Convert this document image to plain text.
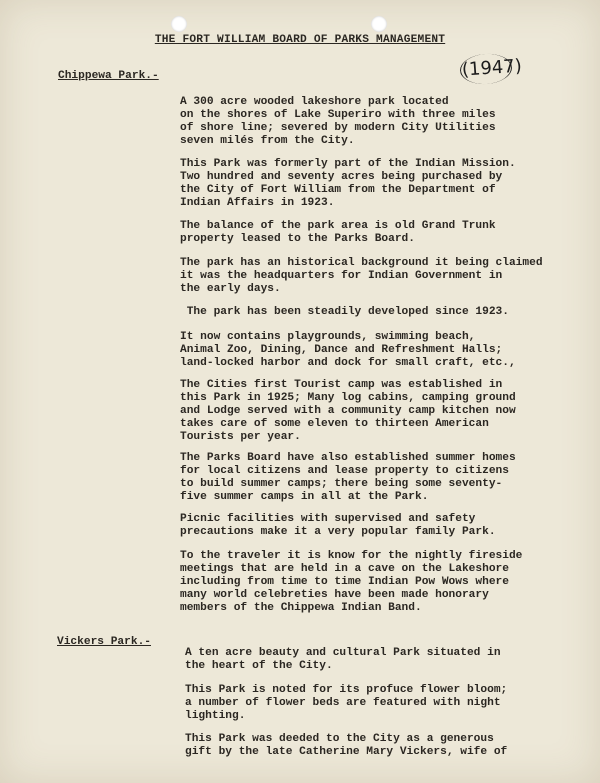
THE FORT WILLIAM BOARD OF PARKS MANAGEMENT
(1947)
Chippewa Park.-
A 300 acre wooded lakeshore park located
on the shores of Lake Superiro with three miles
of shore line; severed by modern City Utilities
seven milés from the City.
This Park was formerly part of the Indian Mission.
Two hundred and seventy acres being purchased by
the City of Fort William from the Department of
Indian Affairs in 1923.
The balance of the park area is old Grand Trunk
property leased to the Parks Board.
The park has an historical background it being claimed
it was the headquarters for Indian Government in
the early days.
The park has been steadily developed since 1923.
It now contains playgrounds, swimming beach,
Animal Zoo, Dining, Dance and Refreshment Halls;
land-locked harbor and dock for small craft, etc.,
The Cities first Tourist camp was established in
this Park in 1925; Many log cabins, camping ground
and Lodge served with a community camp kitchen now
takes care of some eleven to thirteen American
Tourists per year.
The Parks Board have also established summer homes
for local citizens and lease property to citizens
to build summer camps; there being some seventy-
five summer camps in all at the Park.
Picnic facilities with supervised and safety
precautions make it a very popular family Park.
To the traveler it is know for the nightly fireside
meetings that are held in a cave on the Lakeshore
including from time to time Indian Pow Wows where
many world celebreties have been made honorary
members of the Chippewa Indian Band.
Vickers Park.-
A ten acre beauty and cultural Park situated in
the heart of the City.
This Park is noted for its profuce flower bloom;
a number of flower beds are featured with night
lighting.
This Park was deeded to the City as a generous
gift by the late Catherine Mary Vickers, wife of
